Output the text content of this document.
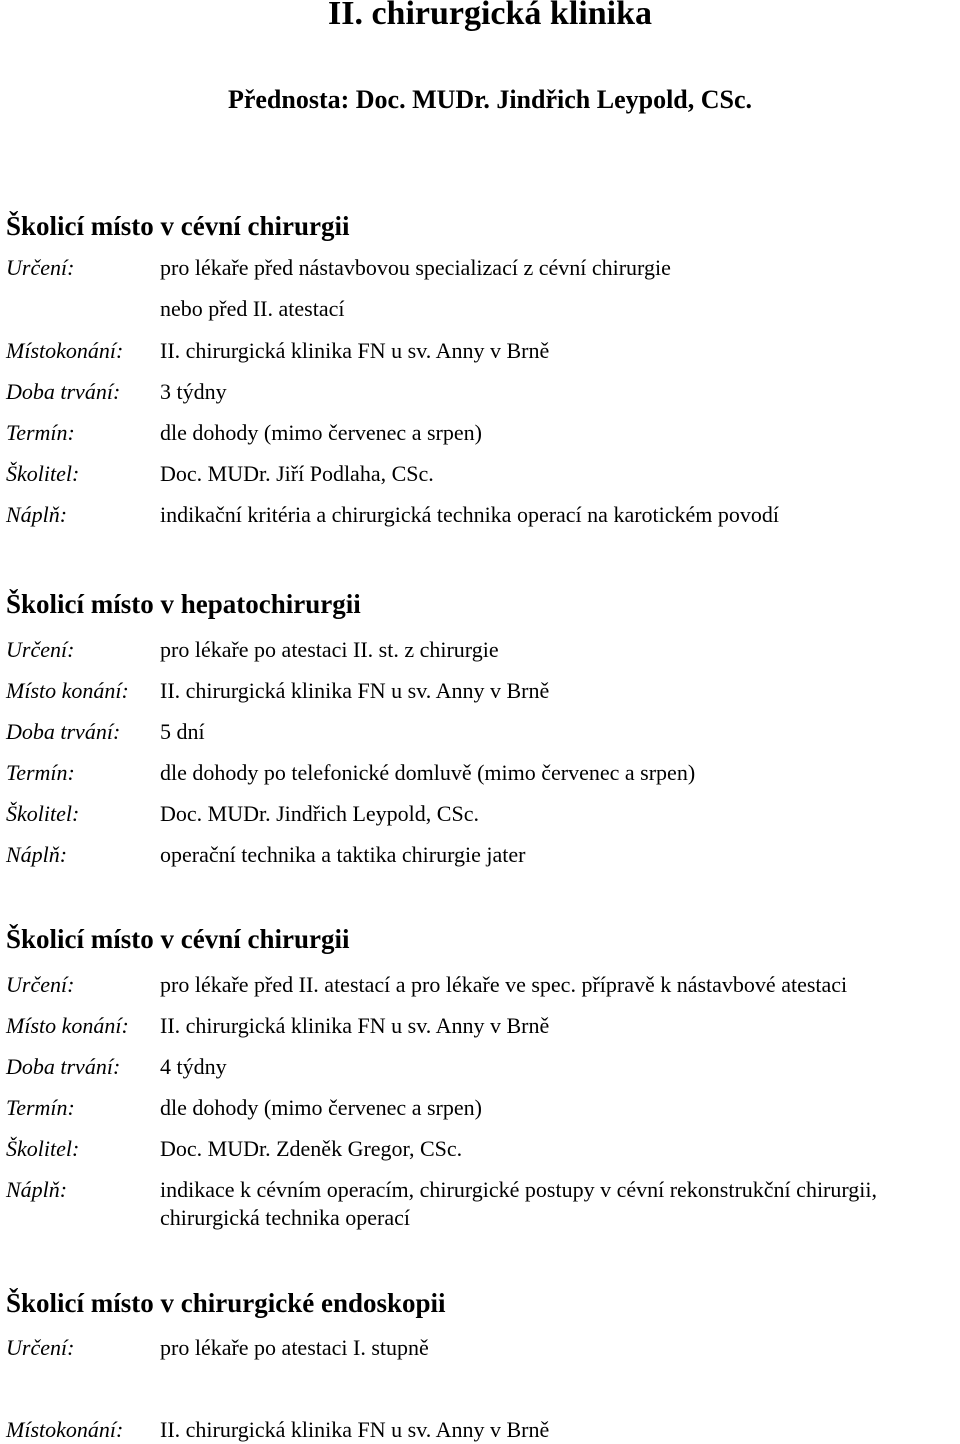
II. chirurgická klinika
Přednosta: Doc. MUDr. Jindřich Leypold, CSc.
Školicí místo v cévní chirurgii
Určení:	pro lékaře před nástavbovou specializací z cévní chirurgie
nebo před II. atestací
Místokonání: II. chirurgická klinika FN u sv. Anny v Brně
Doba trvání: 3 týdny
Termín:	dle dohody (mimo červenec a srpen)
Školitel:	Doc. MUDr. Jiří Podlaha, CSc.
Náplň:	indikační kritéria a chirurgická technika operací na karotickém povodí
Školicí místo v hepatochirurgii
Určení:	pro lékaře po atestaci II. st. z chirurgie
Místo konání: II. chirurgická klinika FN u sv. Anny v Brně
Doba trvání: 5 dní
Termín:	dle dohody po telefonické domluvě (mimo červenec a srpen)
Školitel:	Doc. MUDr. Jindřich Leypold, CSc.
Náplň:	operační technika a taktika chirurgie jater
Školicí místo v cévní chirurgii
Určení:	pro lékaře před II. atestací a pro lékaře ve spec. přípravě k nástavbové atestaci
Místo konání: II. chirurgická klinika FN u sv. Anny v Brně
Doba trvání: 4 týdny
Termín:	dle dohody (mimo červenec a srpen)
Školitel:	Doc. MUDr. Zdeněk Gregor, CSc.
Náplň:	indikace k cévním operacím, chirurgické postupy v cévní rekonstrukční chirurgii, chirurgická technika operací
Školicí místo v chirurgické endoskopii
Určení:	pro lékaře po atestaci I. stupně
Místokonání: II. chirurgická klinika FN u sv. Anny v Brně
